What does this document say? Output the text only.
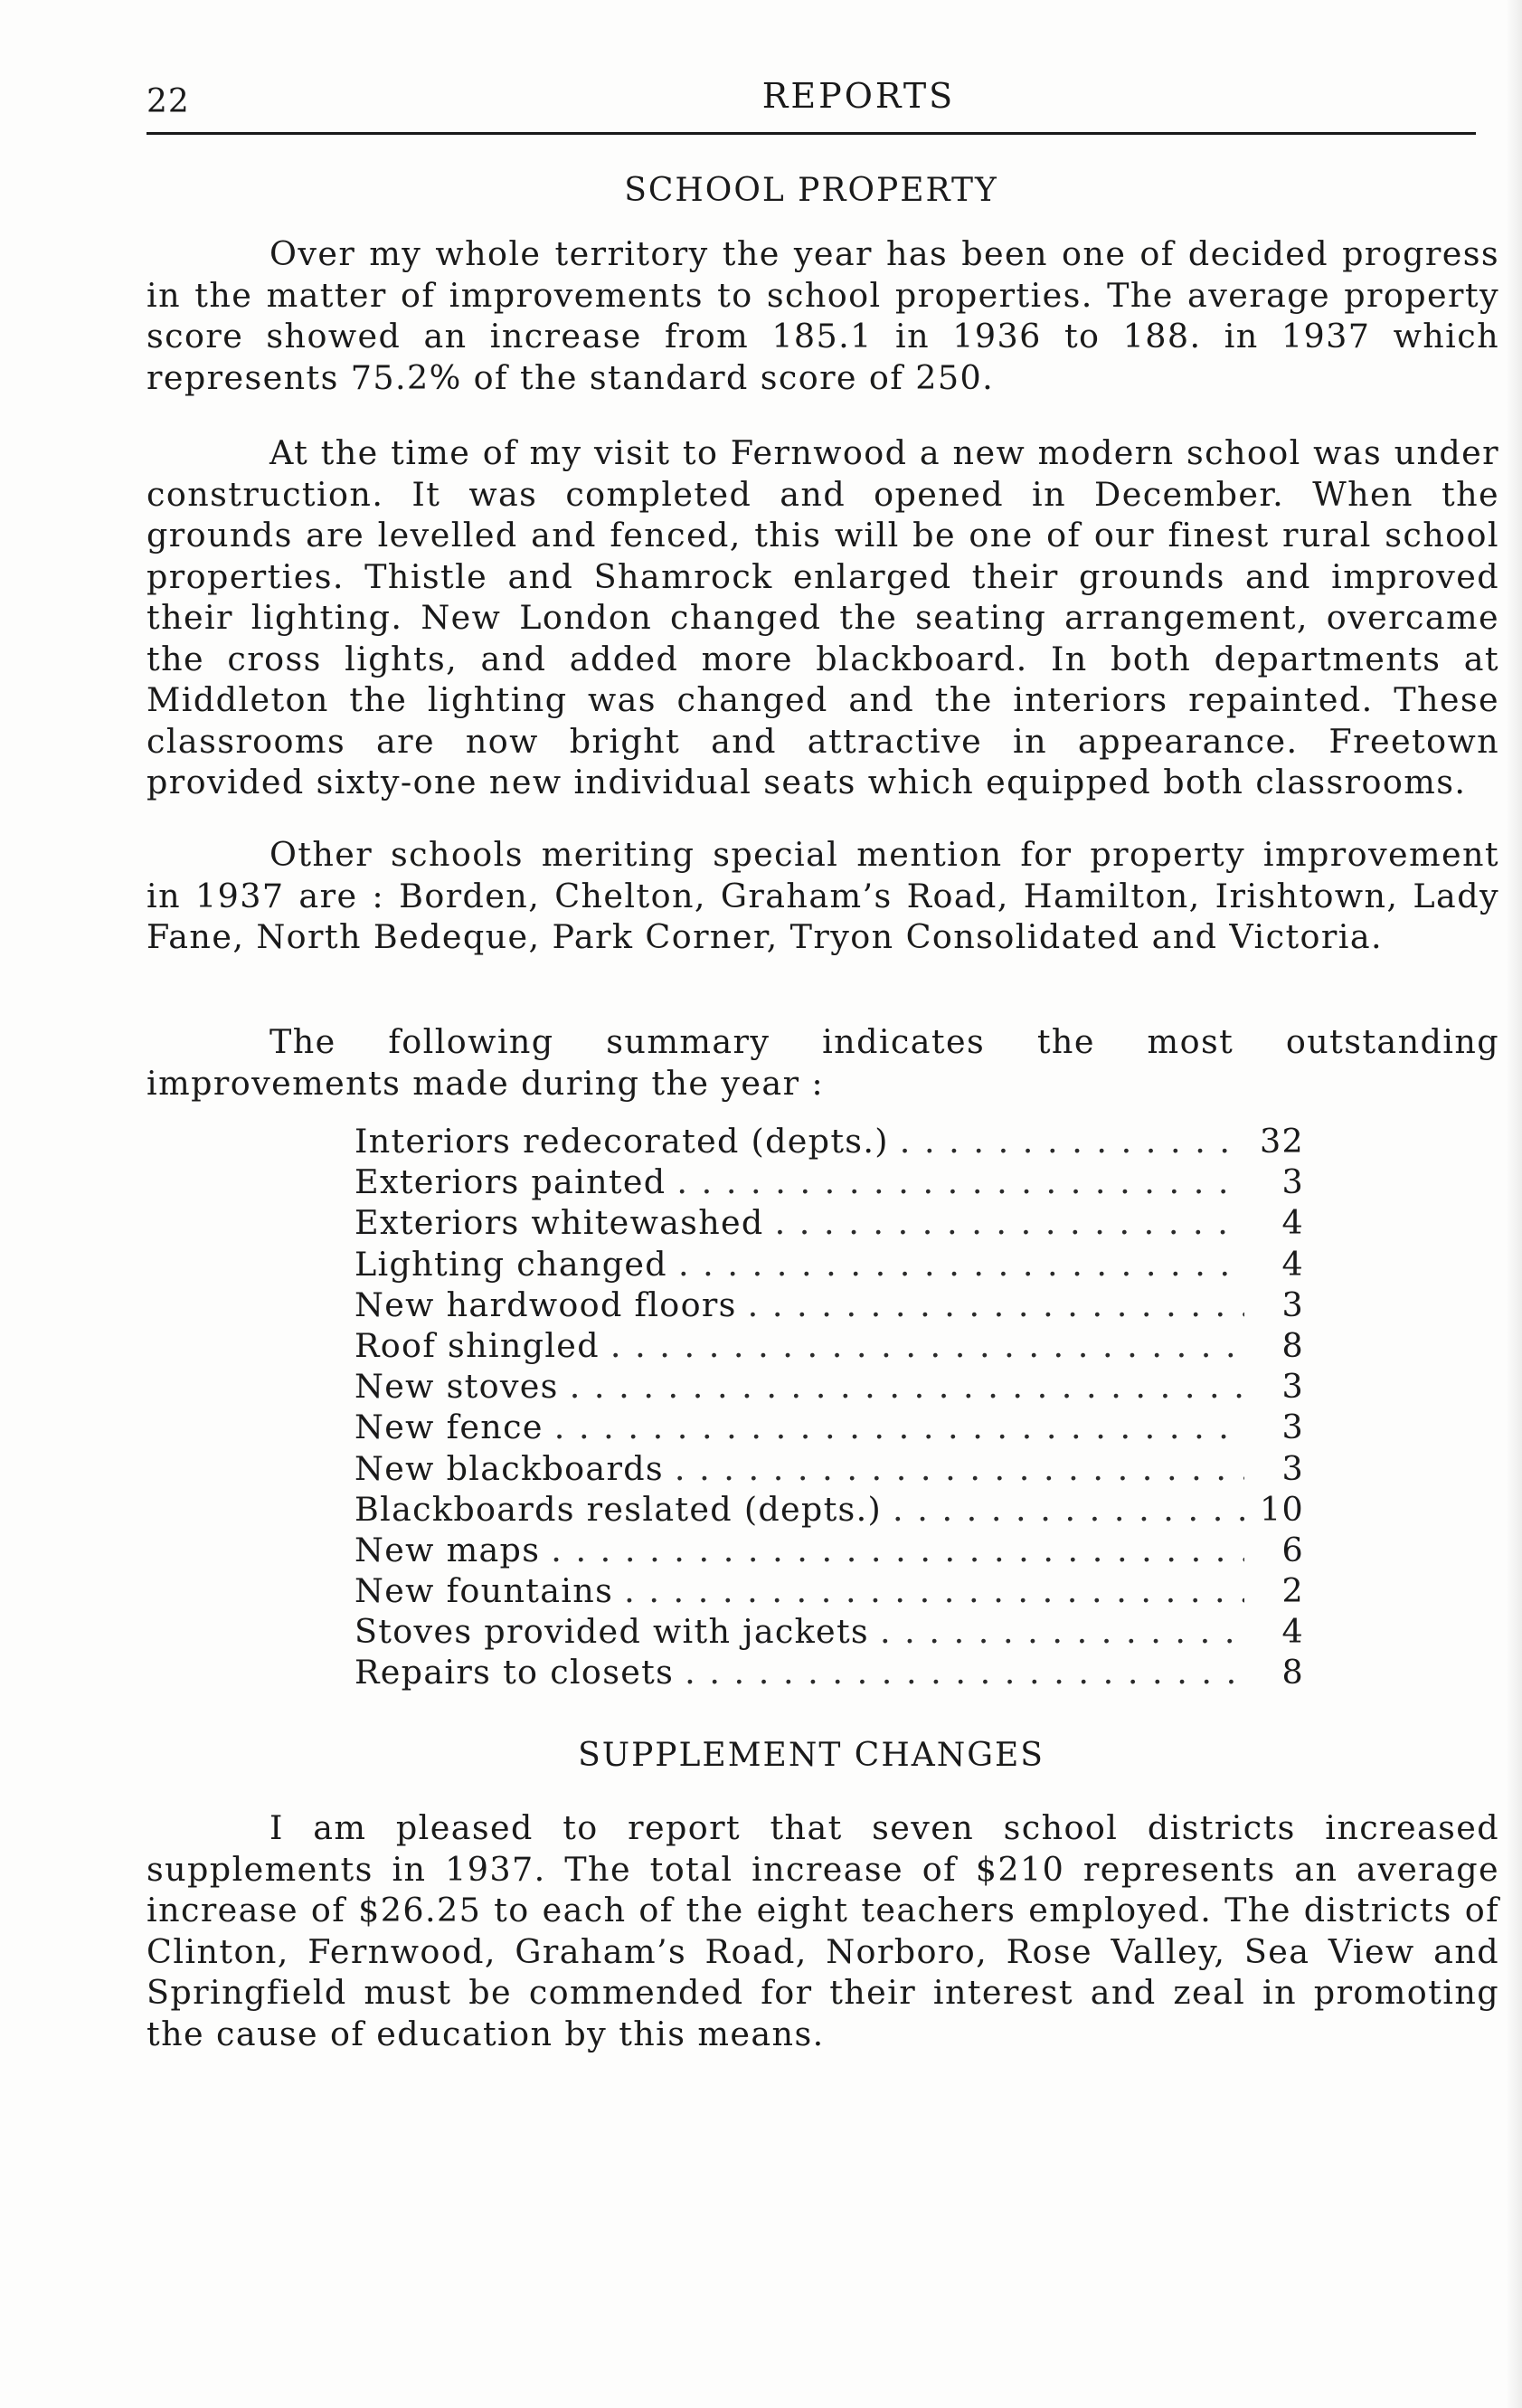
22	REPORTS
SCHOOL PROPERTY

Over my whole territory the year has been one of decided progress in the matter of improvements to school properties. The average property score showed an increase from 185.1 in 1936 to 188. in 1937 which represents 75.2% of the standard score of 250.

At the time of my visit to Fernwood a new modern school was under construction. It was completed and opened in December. When the grounds are levelled and fenced, this will be one of our finest rural school properties. Thistle and Shamrock enlarged their grounds and improved their lighting. New London changed the seating arrangement, overcame the cross lights, and added more blackboard. In both departments at Middleton the lighting was changed and the interiors repainted. These classrooms are now bright and attractive in appearance. Freetown provided sixty-one new individual seats which equipped both classrooms.

Other schools meriting special mention for property improvement in 1937 are : Borden, Chelton, Graham’s Road, Hamilton, Irishtown, Lady Fane, North Bedeque, Park Corner, Tryon Consolidated and Victoria.

The following summary indicates the most outstanding improvements made during the year :

Interiors redecorated (depts.) . . .	32
Exteriors painted . . .	3
Exteriors whitewashed . . .	4
Lighting changed . . .	4
New hardwood floors . . .	3
Roof shingled . . .	8
New stoves . . .	3
New fence . . .	3
New blackboards . . .	3
Blackboards reslated (depts.) . . .	10
New maps . . .	6
New fountains . . .	2
Stoves provided with jackets . . .	4
Repairs to closets . . .	8
SUPPLEMENT CHANGES

I am pleased to report that seven school districts increased supplements in 1937. The total increase of $210 represents an average increase of $26.25 to each of the eight teachers employed. The districts of Clinton, Fernwood, Graham’s Road, Norboro, Rose Valley, Sea View and Springfield must be commended for their interest and zeal in promoting the cause of education by this means.
